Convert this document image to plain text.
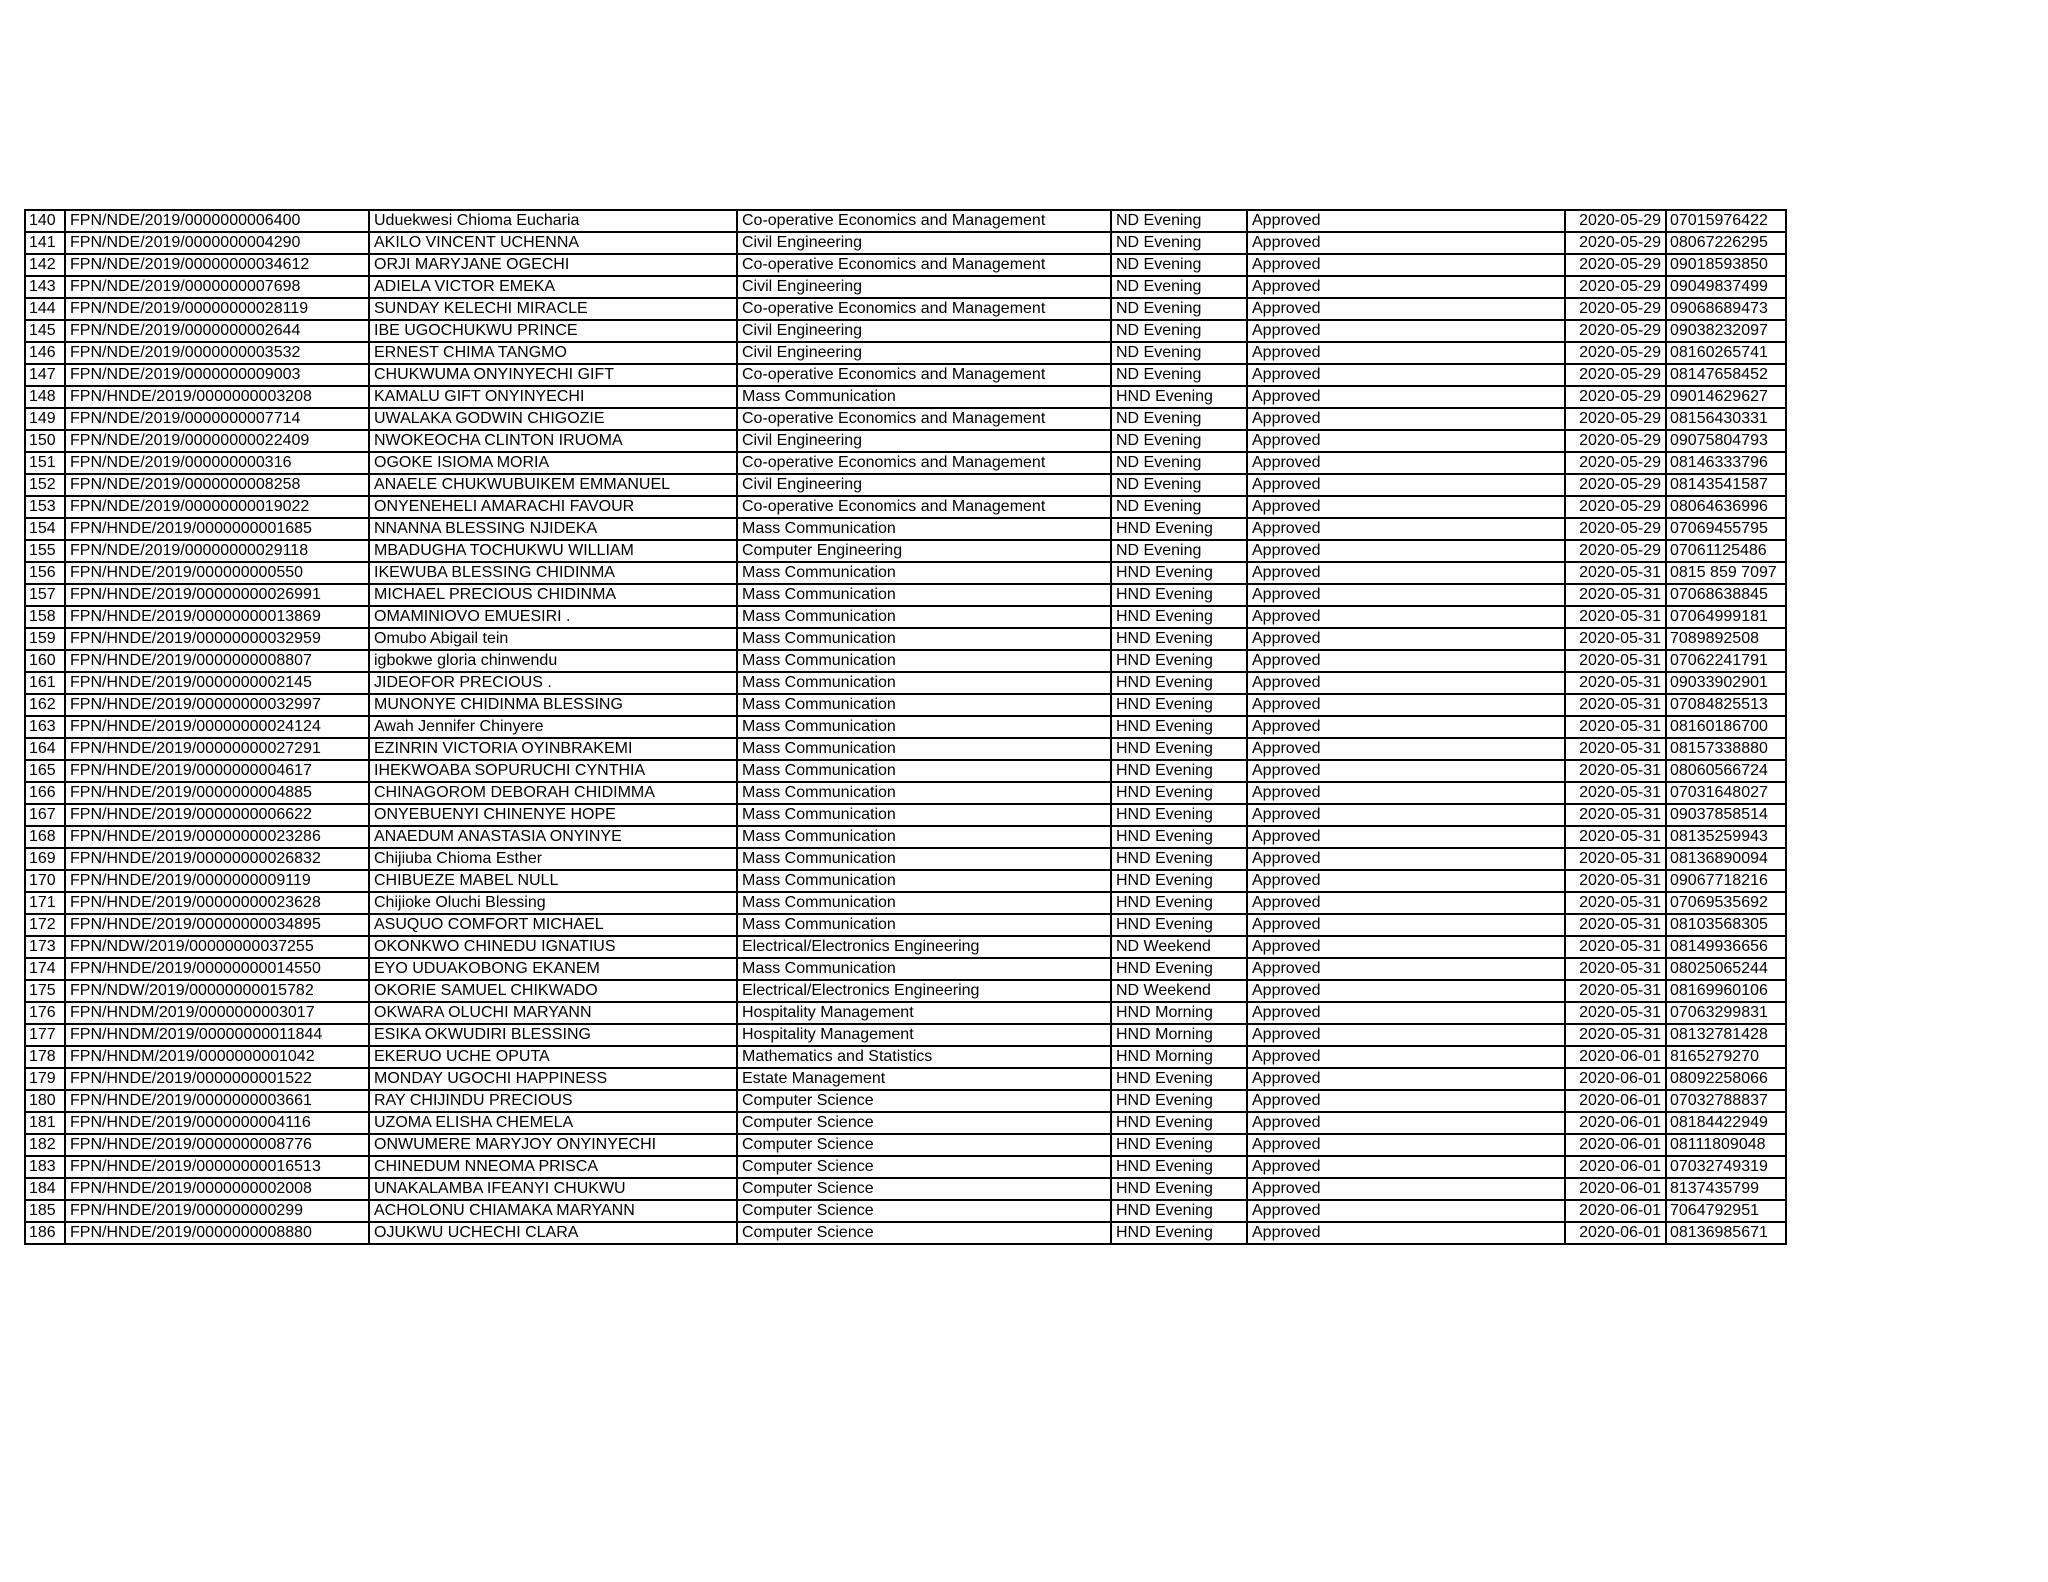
140	FPN/NDE/2019/0000000006400	Uduekwesi Chioma Eucharia	Co-operative Economics and Management	ND Evening	Approved	2020-05-29	07015976422
141	FPN/NDE/2019/0000000004290	AKILO VINCENT UCHENNA	Civil Engineering	ND Evening	Approved	2020-05-29	08067226295
142	FPN/NDE/2019/00000000034612	ORJI MARYJANE OGECHI	Co-operative Economics and Management	ND Evening	Approved	2020-05-29	09018593850
143	FPN/NDE/2019/0000000007698	ADIELA VICTOR EMEKA	Civil Engineering	ND Evening	Approved	2020-05-29	09049837499
144	FPN/NDE/2019/00000000028119	SUNDAY KELECHI MIRACLE	Co-operative Economics and Management	ND Evening	Approved	2020-05-29	09068689473
145	FPN/NDE/2019/0000000002644	IBE UGOCHUKWU PRINCE	Civil Engineering	ND Evening	Approved	2020-05-29	09038232097
146	FPN/NDE/2019/0000000003532	ERNEST CHIMA TANGMO	Civil Engineering	ND Evening	Approved	2020-05-29	08160265741
147	FPN/NDE/2019/0000000009003	CHUKWUMA ONYINYECHI GIFT	Co-operative Economics and Management	ND Evening	Approved	2020-05-29	08147658452
148	FPN/HNDE/2019/0000000003208	KAMALU GIFT ONYINYECHI	Mass Communication	HND Evening	Approved	2020-05-29	09014629627
149	FPN/NDE/2019/0000000007714	UWALAKA GODWIN CHIGOZIE	Co-operative Economics and Management	ND Evening	Approved	2020-05-29	08156430331
150	FPN/NDE/2019/00000000022409	NWOKEOCHA CLINTON IRUOMA	Civil Engineering	ND Evening	Approved	2020-05-29	09075804793
151	FPN/NDE/2019/000000000316	OGOKE ISIOMA MORIA	Co-operative Economics and Management	ND Evening	Approved	2020-05-29	08146333796
152	FPN/NDE/2019/0000000008258	ANAELE CHUKWUBUIKEM EMMANUEL	Civil Engineering	ND Evening	Approved	2020-05-29	08143541587
153	FPN/NDE/2019/00000000019022	ONYENEHELI AMARACHI FAVOUR	Co-operative Economics and Management	ND Evening	Approved	2020-05-29	08064636996
154	FPN/HNDE/2019/0000000001685	NNANNA BLESSING NJIDEKA	Mass Communication	HND Evening	Approved	2020-05-29	07069455795
155	FPN/NDE/2019/00000000029118	MBADUGHA TOCHUKWU WILLIAM	Computer Engineering	ND Evening	Approved	2020-05-29	07061125486
156	FPN/HNDE/2019/000000000550	IKEWUBA BLESSING CHIDINMA	Mass Communication	HND Evening	Approved	2020-05-31	0815 859 7097
157	FPN/HNDE/2019/00000000026991	MICHAEL PRECIOUS CHIDINMA	Mass Communication	HND Evening	Approved	2020-05-31	07068638845
158	FPN/HNDE/2019/00000000013869	OMAMINIOVO EMUESIRI .	Mass Communication	HND Evening	Approved	2020-05-31	07064999181
159	FPN/HNDE/2019/00000000032959	Omubo Abigail tein	Mass Communication	HND Evening	Approved	2020-05-31	7089892508
160	FPN/HNDE/2019/0000000008807	igbokwe gloria chinwendu	Mass Communication	HND Evening	Approved	2020-05-31	07062241791
161	FPN/HNDE/2019/0000000002145	JIDEOFOR PRECIOUS .	Mass Communication	HND Evening	Approved	2020-05-31	09033902901
162	FPN/HNDE/2019/00000000032997	MUNONYE CHIDINMA BLESSING	Mass Communication	HND Evening	Approved	2020-05-31	07084825513
163	FPN/HNDE/2019/00000000024124	Awah Jennifer Chinyere	Mass Communication	HND Evening	Approved	2020-05-31	08160186700
164	FPN/HNDE/2019/00000000027291	EZINRIN VICTORIA OYINBRAKEMI	Mass Communication	HND Evening	Approved	2020-05-31	08157338880
165	FPN/HNDE/2019/0000000004617	IHEKWOABA SOPURUCHI CYNTHIA	Mass Communication	HND Evening	Approved	2020-05-31	08060566724
166	FPN/HNDE/2019/0000000004885	CHINAGOROM DEBORAH CHIDIMMA	Mass Communication	HND Evening	Approved	2020-05-31	07031648027
167	FPN/HNDE/2019/0000000006622	ONYEBUENYI CHINENYE HOPE	Mass Communication	HND Evening	Approved	2020-05-31	09037858514
168	FPN/HNDE/2019/00000000023286	ANAEDUM ANASTASIA ONYINYE	Mass Communication	HND Evening	Approved	2020-05-31	08135259943
169	FPN/HNDE/2019/00000000026832	Chijiuba Chioma Esther	Mass Communication	HND Evening	Approved	2020-05-31	08136890094
170	FPN/HNDE/2019/0000000009119	CHIBUEZE MABEL NULL	Mass Communication	HND Evening	Approved	2020-05-31	09067718216
171	FPN/HNDE/2019/00000000023628	Chijioke Oluchi Blessing	Mass Communication	HND Evening	Approved	2020-05-31	07069535692
172	FPN/HNDE/2019/00000000034895	ASUQUO COMFORT MICHAEL	Mass Communication	HND Evening	Approved	2020-05-31	08103568305
173	FPN/NDW/2019/00000000037255	OKONKWO CHINEDU IGNATIUS	Electrical/Electronics Engineering	ND Weekend	Approved	2020-05-31	08149936656
174	FPN/HNDE/2019/00000000014550	EYO UDUAKOBONG EKANEM	Mass Communication	HND Evening	Approved	2020-05-31	08025065244
175	FPN/NDW/2019/00000000015782	OKORIE SAMUEL CHIKWADO	Electrical/Electronics Engineering	ND Weekend	Approved	2020-05-31	08169960106
176	FPN/HNDM/2019/0000000003017	OKWARA OLUCHI MARYANN	Hospitality Management	HND Morning	Approved	2020-05-31	07063299831
177	FPN/HNDM/2019/00000000011844	ESIKA OKWUDIRI BLESSING	Hospitality Management	HND Morning	Approved	2020-05-31	08132781428
178	FPN/HNDM/2019/0000000001042	EKERUO UCHE OPUTA	Mathematics and Statistics	HND Morning	Approved	2020-06-01	8165279270
179	FPN/HNDE/2019/0000000001522	MONDAY UGOCHI HAPPINESS	Estate Management	HND Evening	Approved	2020-06-01	08092258066
180	FPN/HNDE/2019/0000000003661	RAY CHIJINDU PRECIOUS	Computer Science	HND Evening	Approved	2020-06-01	07032788837
181	FPN/HNDE/2019/0000000004116	UZOMA ELISHA CHEMELA	Computer Science	HND Evening	Approved	2020-06-01	08184422949
182	FPN/HNDE/2019/0000000008776	ONWUMERE MARYJOY ONYINYECHI	Computer Science	HND Evening	Approved	2020-06-01	08111809048
183	FPN/HNDE/2019/00000000016513	CHINEDUM NNEOMA PRISCA	Computer Science	HND Evening	Approved	2020-06-01	07032749319
184	FPN/HNDE/2019/0000000002008	UNAKALAMBA IFEANYI CHUKWU	Computer Science	HND Evening	Approved	2020-06-01	8137435799
185	FPN/HNDE/2019/000000000299	ACHOLONU CHIAMAKA MARYANN	Computer Science	HND Evening	Approved	2020-06-01	7064792951
186	FPN/HNDE/2019/0000000008880	OJUKWU UCHECHI CLARA	Computer Science	HND Evening	Approved	2020-06-01	08136985671
